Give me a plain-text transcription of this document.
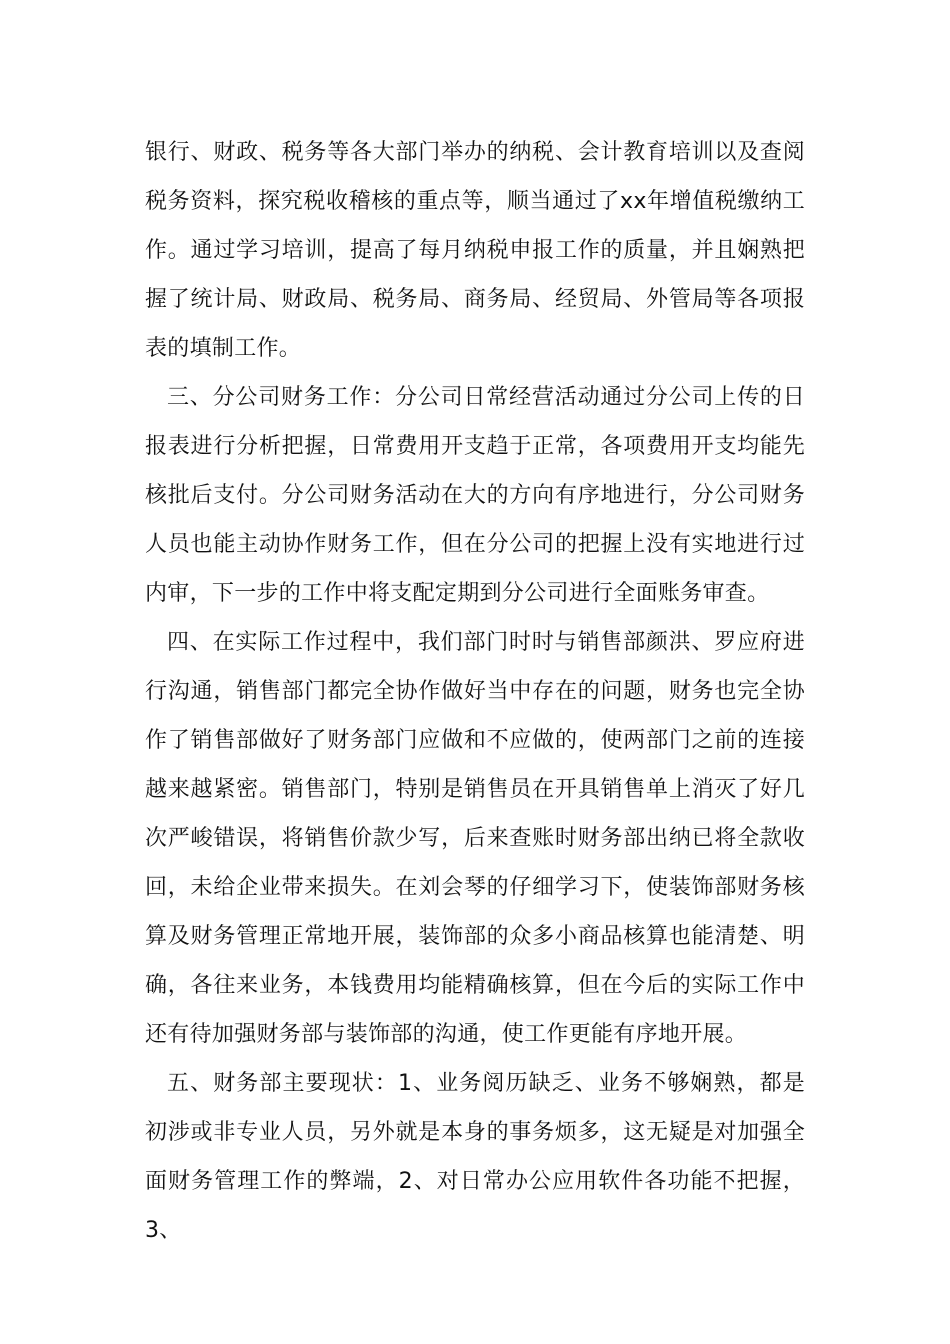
银行、财政、税务等各大部门举办的纳税、会计教育培训以及查阅税务资料，探究税收稽核的重点等，顺当通过了xx年增值税缴纳工作。通过学习培训，提高了每月纳税申报工作的质量，并且娴熟把握了统计局、财政局、税务局、商务局、经贸局、外管局等各项报表的填制工作。

三、分公司财务工作：分公司日常经营活动通过分公司上传的日报表进行分析把握，日常费用开支趋于正常，各项费用开支均能先核批后支付。分公司财务活动在大的方向有序地进行，分公司财务人员也能主动协作财务工作，但在分公司的把握上没有实地进行过内审，下一步的工作中将支配定期到分公司进行全面账务审查。

四、在实际工作过程中，我们部门时时与销售部颜洪、罗应府进行沟通，销售部门都完全协作做好当中存在的问题，财务也完全协作了销售部做好了财务部门应做和不应做的，使两部门之前的连接越来越紧密。销售部门，特别是销售员在开具销售单上消灭了好几次严峻错误，将销售价款少写，后来查账时财务部出纳已将全款收回，未给企业带来损失。在刘会琴的仔细学习下，使装饰部财务核算及财务管理正常地开展，装饰部的众多小商品核算也能清楚、明确，各往来业务，本钱费用均能精确核算，但在今后的实际工作中还有待加强财务部与装饰部的沟通，使工作更能有序地开展。

五、财务部主要现状：1、业务阅历缺乏、业务不够娴熟，都是初涉或非专业人员，另外就是本身的事务烦多，这无疑是对加强全面财务管理工作的弊端，2、对日常办公应用软件各功能不把握，3、
